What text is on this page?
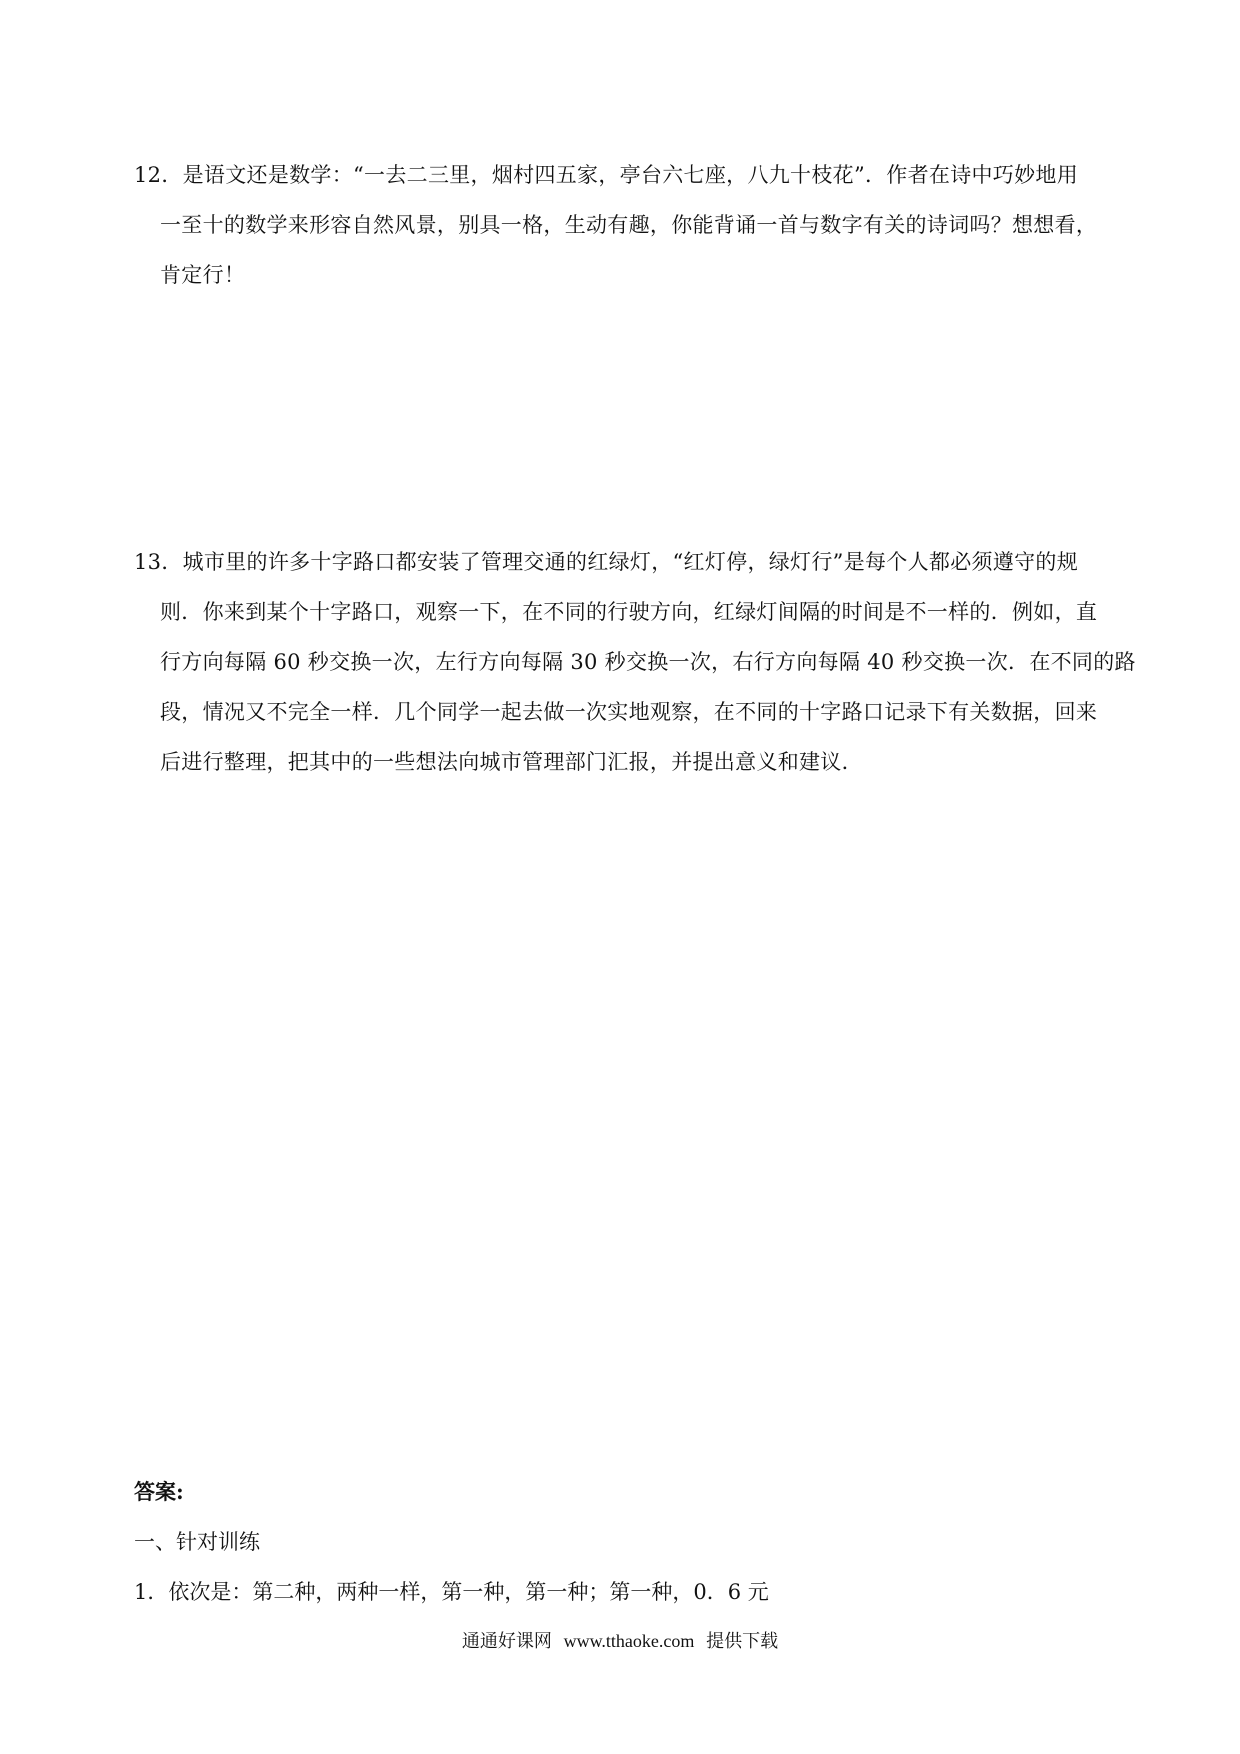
12．是语文还是数学：“一去二三里，烟村四五家，亭台六七座，八九十枝花”．作者在诗中巧妙地用
一至十的数学来形容自然风景，别具一格，生动有趣，你能背诵一首与数字有关的诗词吗？想想看，
肯定行！
13．城市里的许多十字路口都安装了管理交通的红绿灯，“红灯停，绿灯行”是每个人都必须遵守的规
则．你来到某个十字路口，观察一下，在不同的行驶方向，红绿灯间隔的时间是不一样的．例如，直
行方向每隔 60 秒交换一次，左行方向每隔 30 秒交换一次，右行方向每隔 40 秒交换一次．在不同的路
段，情况又不完全一样．几个同学一起去做一次实地观察，在不同的十字路口记录下有关数据，回来
后进行整理，把其中的一些想法向城市管理部门汇报，并提出意义和建议．
答案:
一、针对训练
1．依次是：第二种，两种一样，第一种，第一种；第一种，0．6 元
通通好课网 www.tthaoke.com 提供下载
